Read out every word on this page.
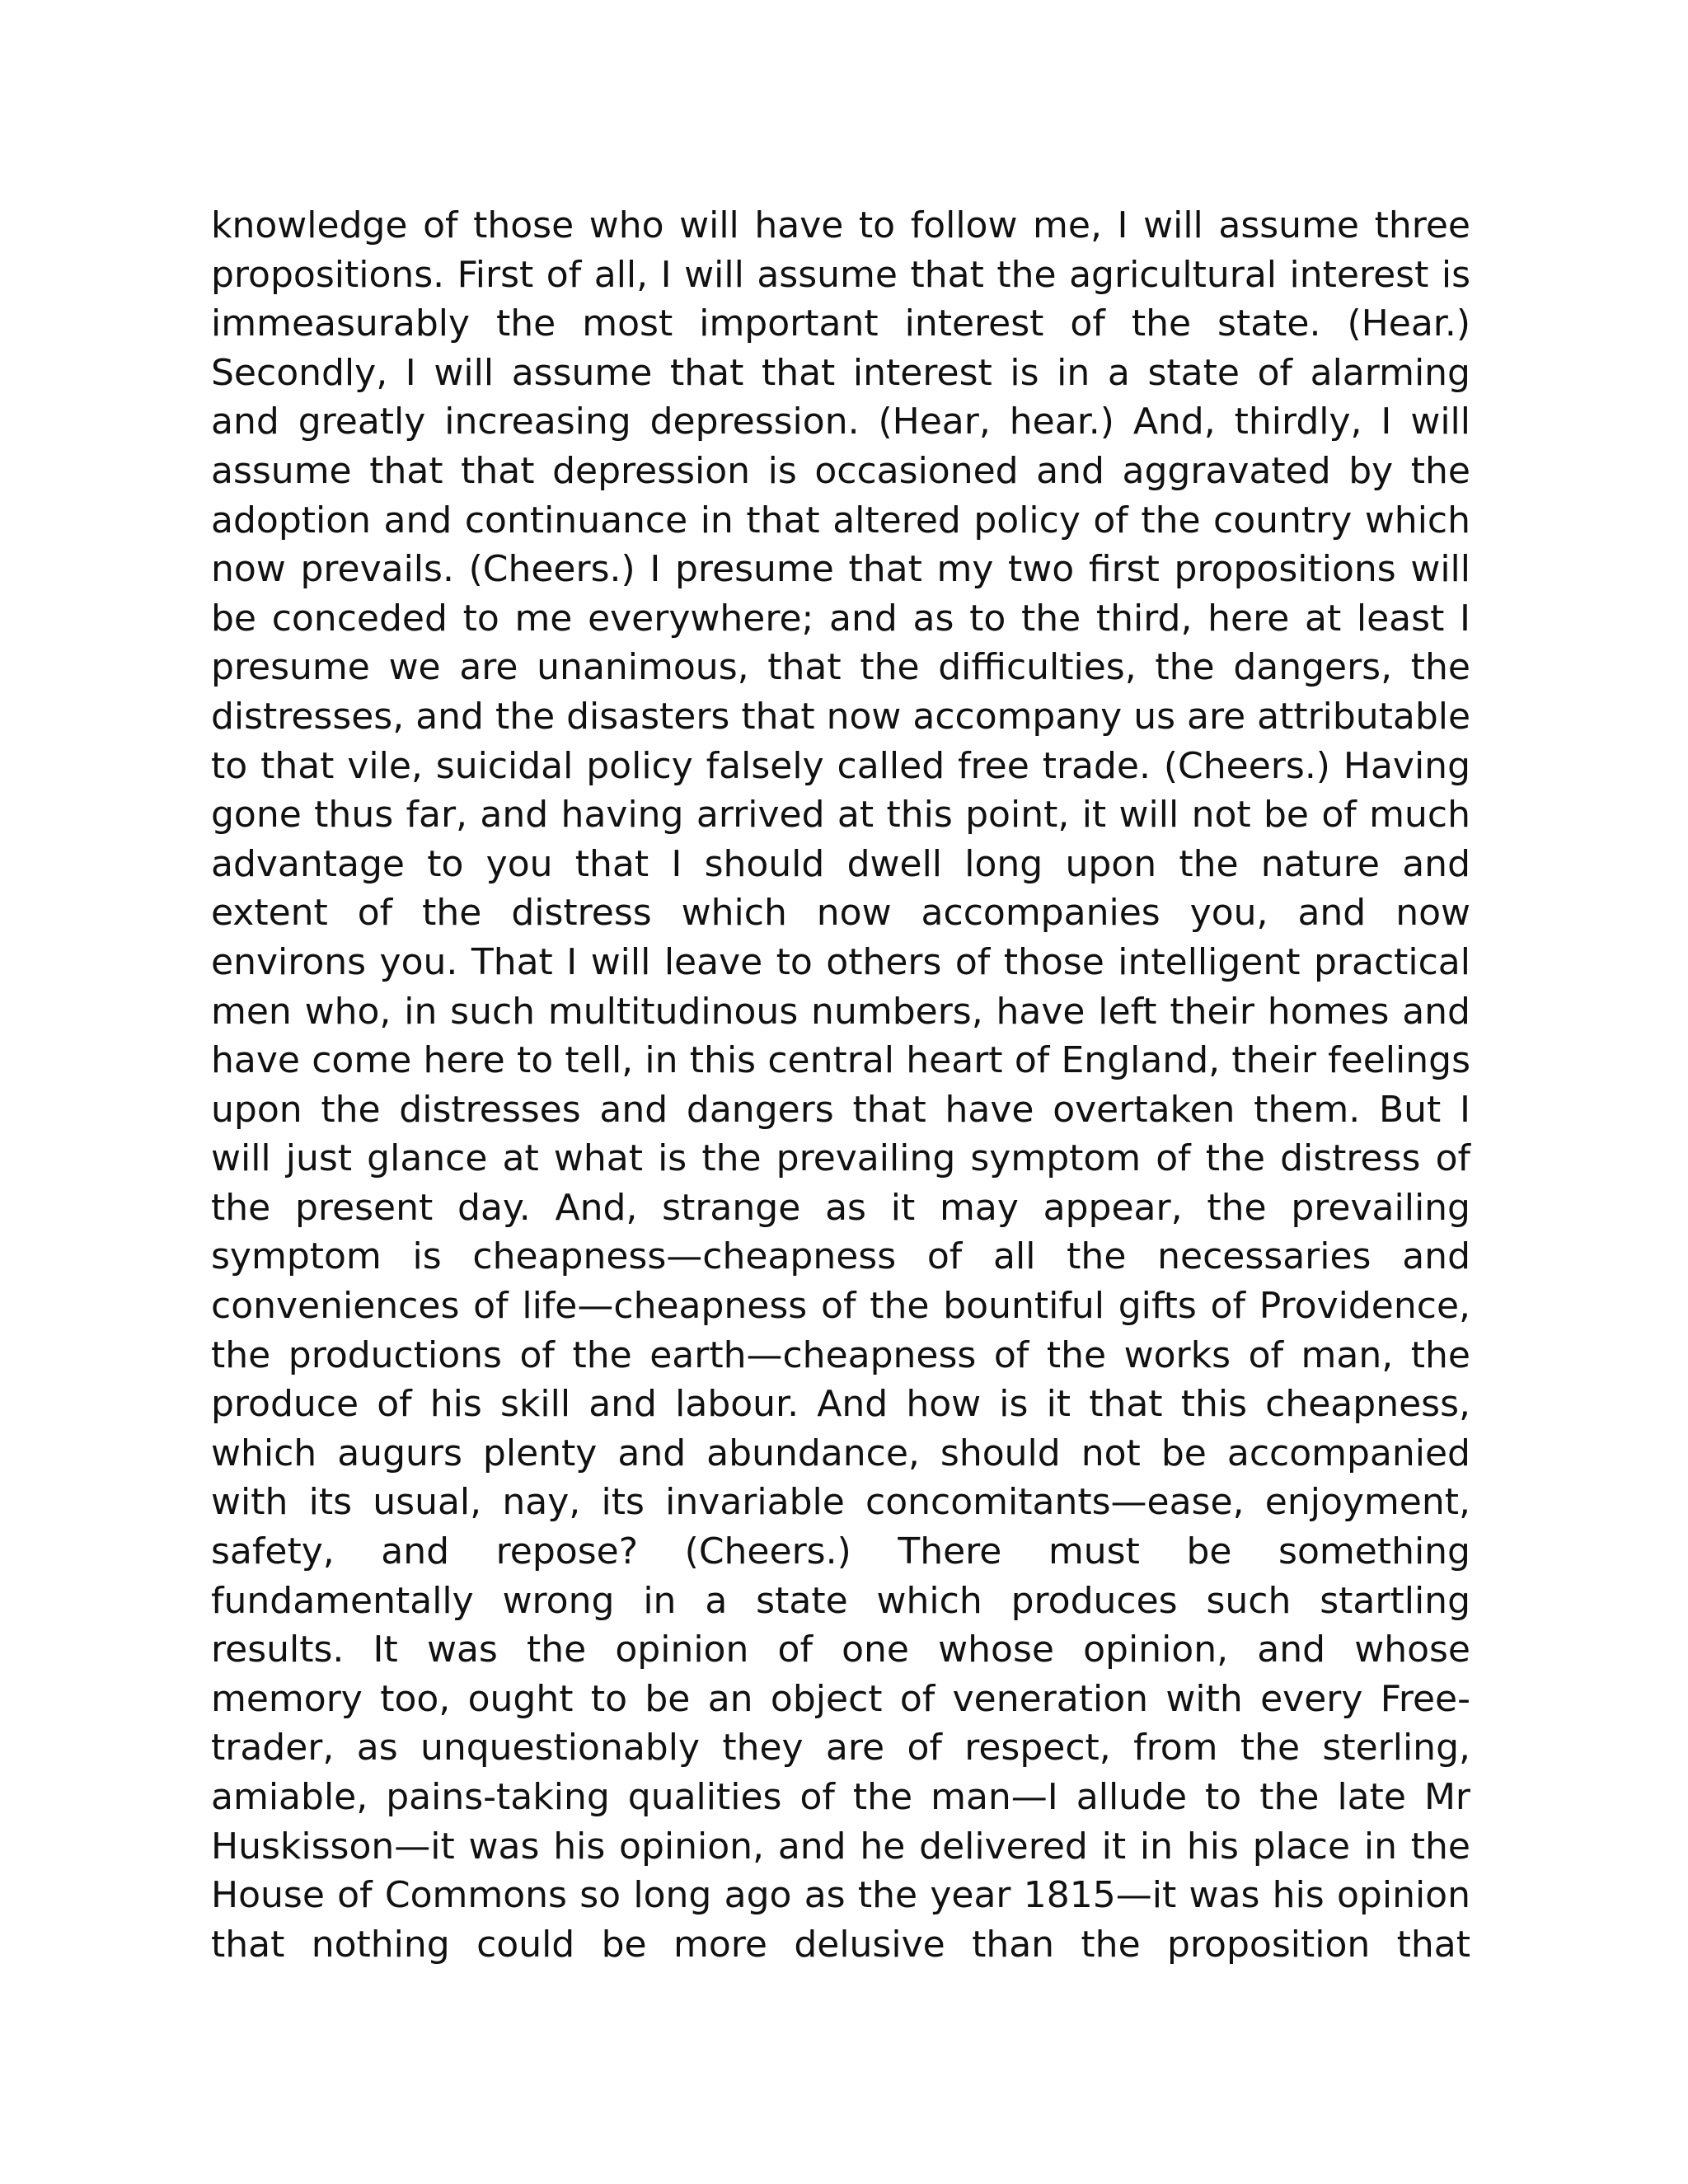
knowledge of those who will have to follow me, I will assume three
propositions. First of all, I will assume that the agricultural interest is
immeasurably the most important interest of the state. (Hear.)
Secondly, I will assume that that interest is in a state of alarming
and greatly increasing depression. (Hear, hear.) And, thirdly, I will
assume that that depression is occasioned and aggravated by the
adoption and continuance in that altered policy of the country which
now prevails. (Cheers.) I presume that my two first propositions will
be conceded to me everywhere; and as to the third, here at least I
presume we are unanimous, that the difficulties, the dangers, the
distresses, and the disasters that now accompany us are attributable
to that vile, suicidal policy falsely called free trade. (Cheers.) Having
gone thus far, and having arrived at this point, it will not be of much
advantage to you that I should dwell long upon the nature and
extent of the distress which now accompanies you, and now
environs you. That I will leave to others of those intelligent practical
men who, in such multitudinous numbers, have left their homes and
have come here to tell, in this central heart of England, their feelings
upon the distresses and dangers that have overtaken them. But I
will just glance at what is the prevailing symptom of the distress of
the present day. And, strange as it may appear, the prevailing
symptom is cheapness—cheapness of all the necessaries and
conveniences of life—cheapness of the bountiful gifts of Providence,
the productions of the earth—cheapness of the works of man, the
produce of his skill and labour. And how is it that this cheapness,
which augurs plenty and abundance, should not be accompanied
with its usual, nay, its invariable concomitants—ease, enjoyment,
safety, and repose? (Cheers.) There must be something
fundamentally wrong in a state which produces such startling
results. It was the opinion of one whose opinion, and whose
memory too, ought to be an object of veneration with every Free-
trader, as unquestionably they are of respect, from the sterling,
amiable, pains-taking qualities of the man—I allude to the late Mr
Huskisson—it was his opinion, and he delivered it in his place in the
House of Commons so long ago as the year 1815—it was his opinion
that nothing could be more delusive than the proposition that
